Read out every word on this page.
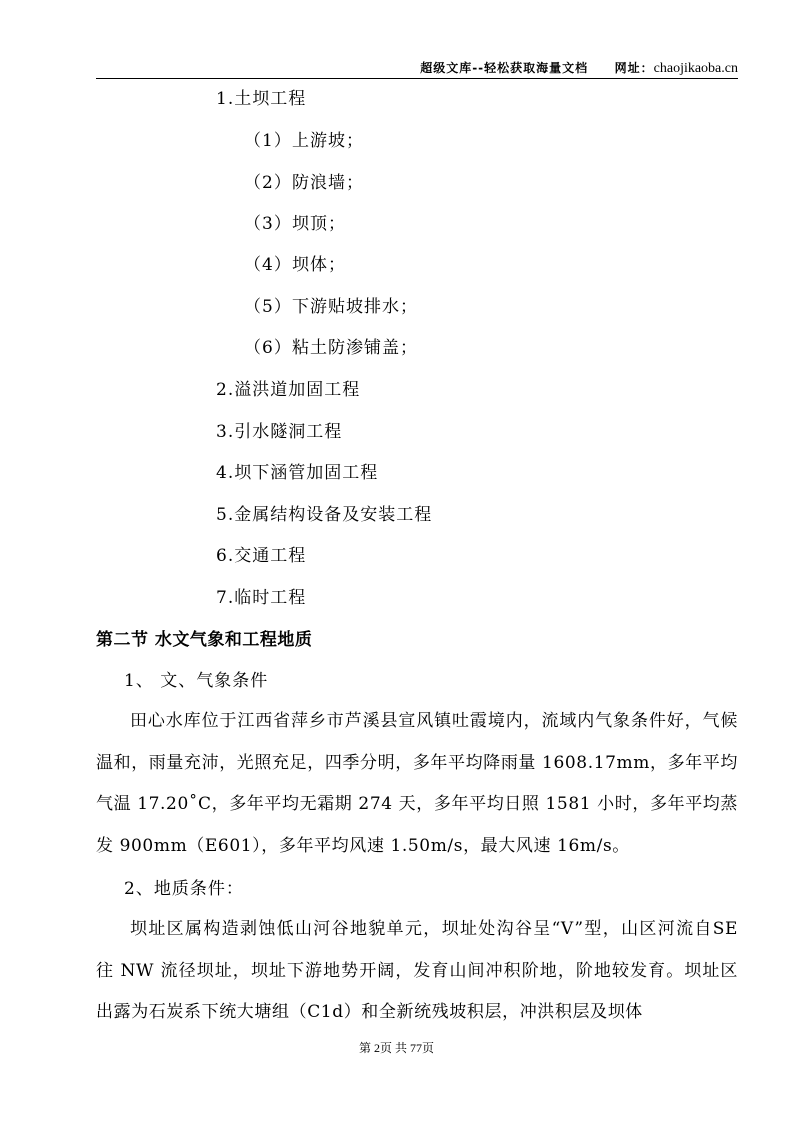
超级文库--轻松获取海量文档 网址：chaojikaoba.cn
1.土坝工程
（1）上游坡；
（2）防浪墙；
（3）坝顶；
（4）坝体；
（5）下游贴坡排水；
（6）粘土防渗铺盖；
2.溢洪道加固工程
3.引水隧洞工程
4.坝下涵管加固工程
5.金属结构设备及安装工程
6.交通工程
7.临时工程
第二节 水文气象和工程地质
1、 文、气象条件

田心水库位于江西省萍乡市芦溪县宣风镇吐霞境内，流域内气象条件好，气候温和，雨量充沛，光照充足，四季分明，多年平均降雨量 1608.17mm，多年平均气温 17.20˚C，多年平均无霜期 274 天，多年平均日照 1581 小时，多年平均蒸发 900mm（E601），多年平均风速 1.50m/s，最大风速 16m/s。

2、地质条件：

坝址区属构造剥蚀低山河谷地貌单元，坝址处沟谷呈“V”型，山区河流自SE 往 NW 流径坝址，坝址下游地势开阔，发育山间冲积阶地，阶地较发育。坝址区出露为石炭系下统大塘组（C1d）和全新统残坡积层，冲洪积层及坝体

第 2页 共 77页
